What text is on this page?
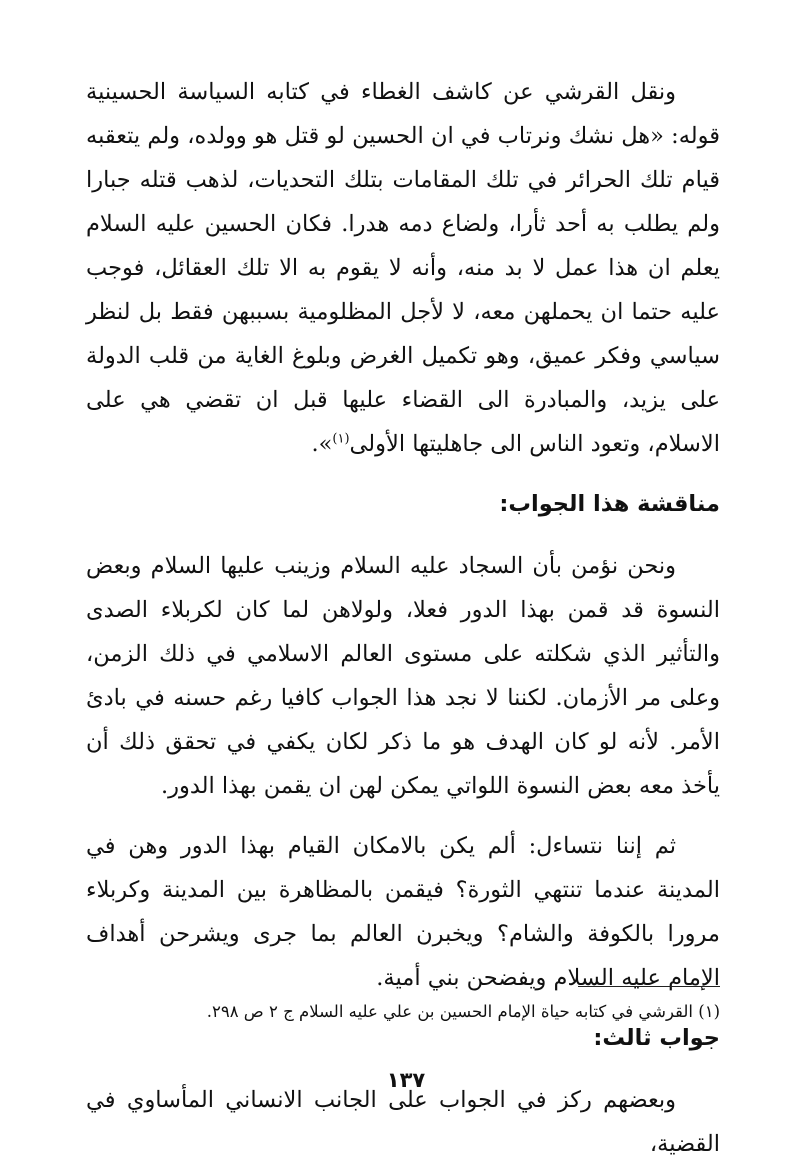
ونقل القرشي عن كاشف الغطاء في كتابه السياسة الحسينية قوله: «هل نشك ونرتاب في ان الحسين لو قتل هو وولده، ولم يتعقبه قيام تلك الحرائر في تلك المقامات بتلك التحديات، لذهب قتله جبارا ولم يطلب به أحد ثأرا، ولضاع دمه هدرا. فكان الحسين عليه السلام يعلم ان هذا عمل لا بد منه، وأنه لا يقوم به الا تلك العقائل، فوجب عليه حتما ان يحملهن معه، لا لأجل المظلومية بسببهن فقط بل لنظر سياسي وفكر عميق، وهو تكميل الغرض وبلوغ الغاية من قلب الدولة على يزيد، والمبادرة الى القضاء عليها قبل ان تقضي هي على الاسلام، وتعود الناس الى جاهليتها الأولى$^{(١)}$».

مناقشة هذا الجواب:

ونحن نؤمن بأن السجاد عليه السلام وزينب عليها السلام وبعض النسوة قد قمن بهذا الدور فعلا، ولولاهن لما كان لكربلاء الصدى والتأثير الذي شكلته على مستوى العالم الاسلامي في ذلك الزمن، وعلى مر الأزمان. لكننا لا نجد هذا الجواب كافيا رغم حسنه في بادئ الأمر. لأنه لو كان الهدف هو ما ذكر لكان يكفي في تحقق ذلك أن يأخذ معه بعض النسوة اللواتي يمكن لهن ان يقمن بهذا الدور.

ثم إننا نتساءل: ألم يكن بالامكان القيام بهذا الدور وهن في المدينة عندما تنتهي الثورة؟ فيقمن بالمظاهرة بين المدينة وكربلاء مرورا بالكوفة والشام؟ ويخبرن العالم بما جرى ويشرحن أهداف الإمام عليه السلام ويفضحن بني أمية.

جواب ثالث:

وبعضهم ركز في الجواب على الجانب الانساني المأساوي في القضية،

(١) القرشي في كتابه حياة الإمام الحسين بن علي عليه السلام ج ٢ ص ٢٩٨.
١٣٧
